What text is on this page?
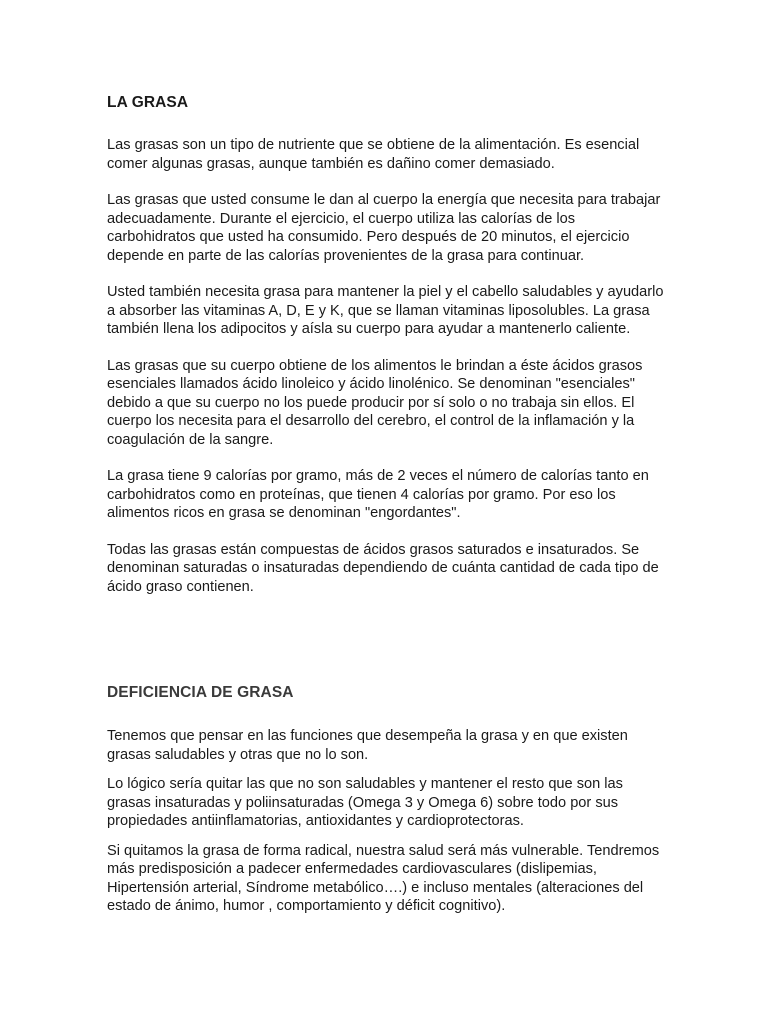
LA GRASA

Las grasas son un tipo de nutriente que se obtiene de la alimentación. Es esencial comer algunas grasas, aunque también es dañino comer demasiado.

Las grasas que usted consume le dan al cuerpo la energía que necesita para trabajar adecuadamente. Durante el ejercicio, el cuerpo utiliza las calorías de los carbohidratos que usted ha consumido. Pero después de 20 minutos, el ejercicio depende en parte de las calorías provenientes de la grasa para continuar.

Usted también necesita grasa para mantener la piel y el cabello saludables y ayudarlo a absorber las vitaminas A, D, E y K, que se llaman vitaminas liposolubles. La grasa también llena los adipocitos y aísla su cuerpo para ayudar a mantenerlo caliente.

Las grasas que su cuerpo obtiene de los alimentos le brindan a éste ácidos grasos esenciales llamados ácido linoleico y ácido linolénico. Se denominan "esenciales" debido a que su cuerpo no los puede producir por sí solo o no trabaja sin ellos. El cuerpo los necesita para el desarrollo del cerebro, el control de la inflamación y la coagulación de la sangre.

La grasa tiene 9 calorías por gramo, más de 2 veces el número de calorías tanto en carbohidratos como en proteínas, que tienen 4 calorías por gramo. Por eso los alimentos ricos en grasa se denominan "engordantes".

Todas las grasas están compuestas de ácidos grasos saturados e insaturados. Se denominan saturadas o insaturadas dependiendo de cuánta cantidad de cada tipo de ácido graso contienen.

DEFICIENCIA DE GRASA

Tenemos que pensar en las funciones que desempeña la grasa y en que existen grasas saludables y otras que no lo son.

Lo lógico sería quitar las que no son saludables y mantener el resto que son las grasas insaturadas y poliinsaturadas (Omega 3 y Omega 6) sobre todo por sus propiedades antiinflamatorias, antioxidantes y cardioprotectoras.

Si quitamos la grasa de forma radical, nuestra salud será más vulnerable. Tendremos más predisposición a padecer enfermedades cardiovasculares (dislipemias, Hipertensión arterial, Síndrome metabólico….) e incluso mentales (alteraciones del estado de ánimo, humor , comportamiento y déficit cognitivo).
